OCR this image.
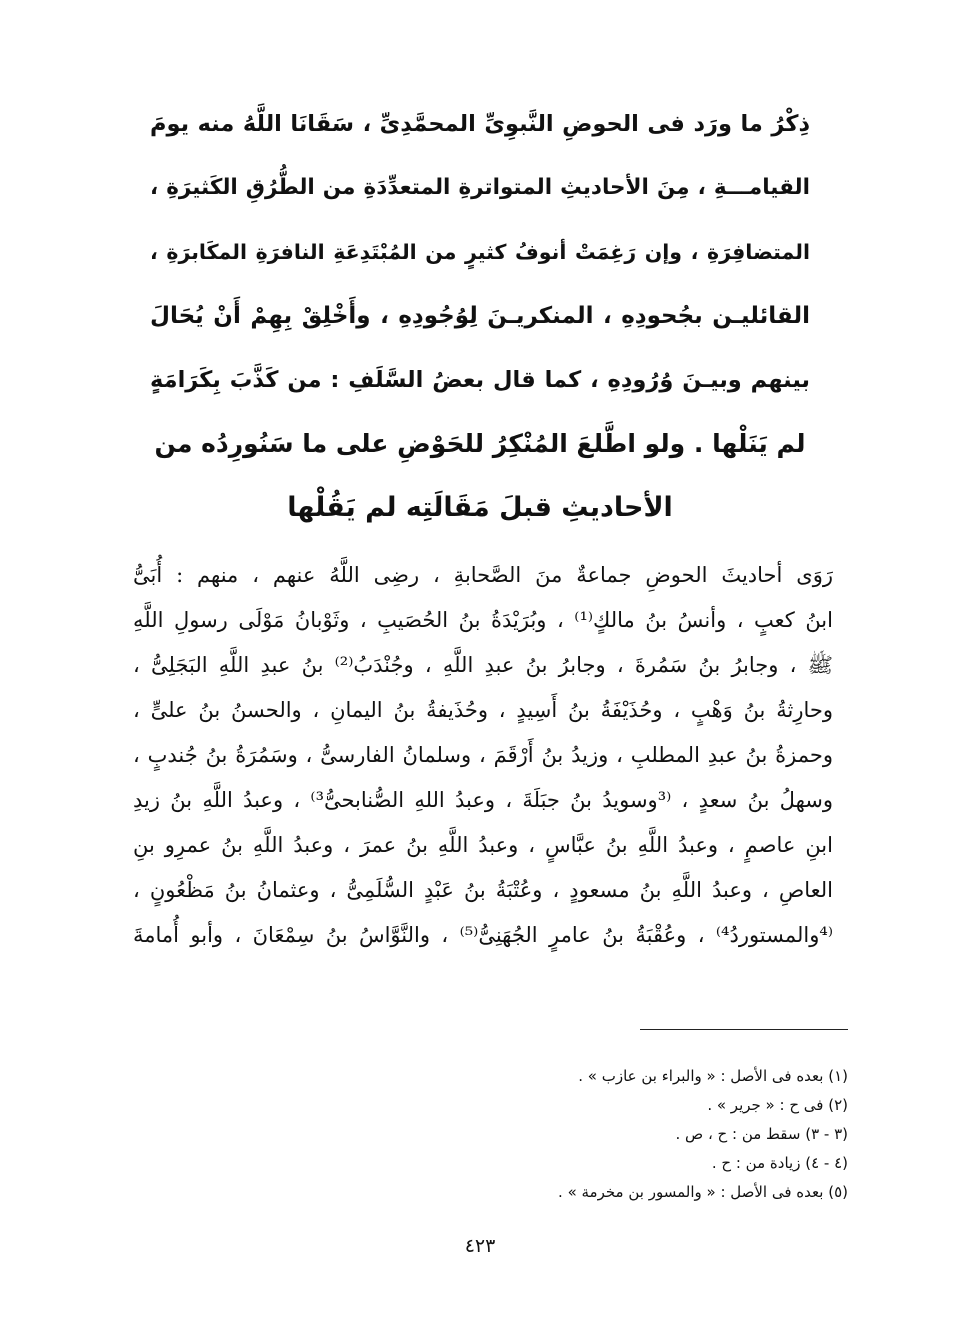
ذِكْرُ ما ورَد فى الحوضِ النَّبوِىِّ المحمَّدِىِّ ، سَقَانَا اللَّهُ منه يومَ
القيامـــةِ ، مِنَ الأحاديثِ المتواترةِ المتعدِّدَةِ من الطُّرُقِ الكَثيرَةِ ،
المتضافِرَةِ ، وإن رَغِمَتْ أنوفُ كثيرٍ من المُبْتَدِعَةِ النافرَةِ المكَابرَةِ ،
القائليـن بجُحودِهِ ، المنكريـنَ لِوُجُودِهِ ، وأَخْلِقْ بِهِمْ أَنْ يُحَالَ
بينهم وبيـنَ وُرُودِهِ ، كما قال بعضُ السَّلَفِ : من كَذَّبَ بِكَرَامَةٍ
لم يَنَلْها . ولو اطَّلعَ المُنْكِرُ للحَوْضِ على ما سَنُورِدُه من
الأحاديثِ قبلَ مَقَالَتِه لم يَقُلْها
رَوَى أحاديثَ الحوضِ جماعةٌ منَ الصَّحابةِ ، رضِى اللَّهُ عنهم ، منهم : أُبَىُّ
ابنُ كعبٍ ، وأنسُ بنُ مالكٍ⁽¹⁾ ، وبُرَيْدَةُ بنُ الحُصَيبِ ، وثَوْبانُ مَوْلَى رسولِ اللَّهِ
ﷺ ، وجابرُ بنُ سَمُرةَ ، وجابرُ بنُ عبدِ اللَّهِ ، وجُنْدَبُ⁽²⁾ بنُ عبدِ اللَّهِ البَجَلِىُّ ،
وحارِثةُ بنُ وَهْبٍ ، وحُذَيْفَةُ بنُ أَسِيدٍ ، وحُذَيفةُ بنُ اليمانِ ، والحسنُ بنُ علىٍّ ،
وحمزةُ بنُ عبدِ المطلبِ ، وزيدُ بنُ أَرْقَمَ ، وسلمانُ الفارسىُّ ، وسَمُرَةُ بنُ جُندبٍ ،
وسهلُ بنُ سعدٍ ، ⁽³وسويدُ بنُ جبَلَةَ ، وعبدُ اللهِ الصُّنابحىُّ³⁾ ، وعبدُ اللَّهِ بنُ زيدِ
ابنِ عاصمٍ ، وعبدُ اللَّهِ بنُ عبَّاسٍ ، وعبدُ اللَّهِ بنُ عمرَ ، وعبدُ اللَّهِ بنُ عمرِو بنِ
العاصِ ، وعبدُ اللَّهِ بنُ مسعودٍ ، وعُتْبَةُ بنُ عَبْدٍ السُّلَمِىُّ ، وعثمانُ بنُ مَظْعُونٍ ،
⁽⁴والمستوردُ⁴⁾ ، وعُقْبَةُ بنُ عامرٍ الجُهَنِىُّ⁽⁵⁾ ، والنَّوَّاسُ بنُ سِمْعَانَ ، وأبو أُمامةَ
(١) بعده فى الأصل : « والبراء بن عازب » .
(٢) فى ح : « جرير » .
(٣ - ٣) سقط من : ح ، ص .
(٤ - ٤) زيادة من : ح .
(٥) بعده فى الأصل : « والمسور بن مخرمة » .
٤٢٣
